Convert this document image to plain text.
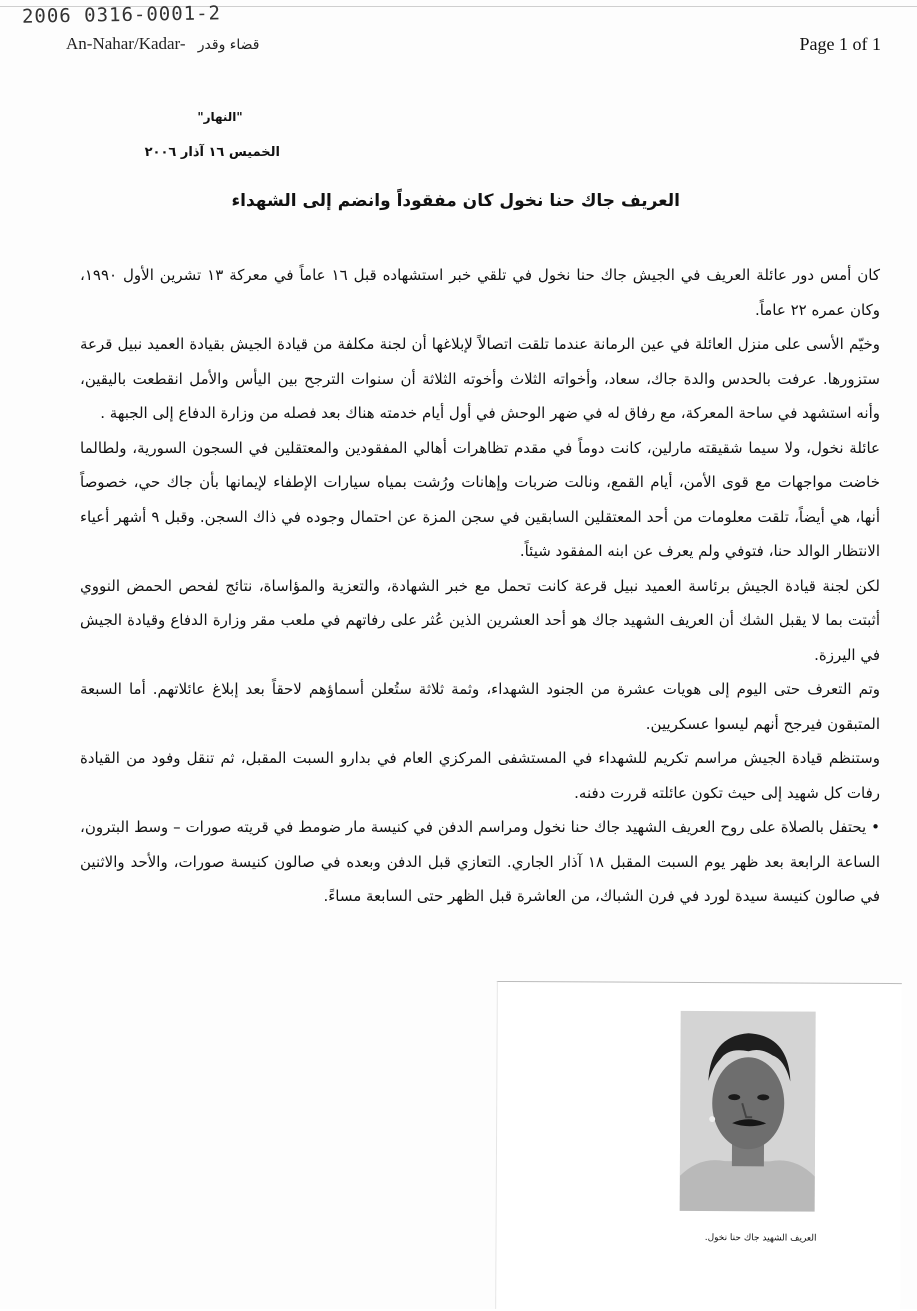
2006 0316-0001-2
An-Nahar/Kadar- قضاء وقدر	Page 1 of 1
"النهار"
الخميس ١٦ آذار ٢٠٠٦
العريف جاك حنا نخول كان مفقوداً وانضم إلى الشهداء

كان أمس دور عائلة العريف في الجيش جاك حنا نخول في تلقي خبر استشهاده قبل ١٦ عاماً في معركة ١٣ تشرين الأول ١٩٩٠، وكان عمره ٢٢ عاماً.

وخيّم الأسى على منزل العائلة في عين الرمانة عندما تلقت اتصالاً لإبلاغها أن لجنة مكلفة من قيادة الجيش بقيادة العميد نبيل قرعة ستزورها. عرفت بالحدس والدة جاك، سعاد، وأخواته الثلاث وأخوته الثلاثة أن سنوات الترجح بين اليأس والأمل انقطعت باليقين، وأنه استشهد في ساحة المعركة، مع رفاق له في ضهر الوحش في أول أيام خدمته هناك بعد فصله من وزارة الدفاع إلى الجبهة .

عائلة نخول، ولا سيما شقيقته مارلين، كانت دوماً في مقدم تظاهرات أهالي المفقودين والمعتقلين في السجون السورية، ولطالما خاضت مواجهات مع قوى الأمن، أيام القمع، ونالت ضربات وإهانات ورُشت بمياه سيارات الإطفاء لإيمانها بأن جاك حي، خصوصاً أنها، هي أيضاً، تلقت معلومات من أحد المعتقلين السابقين في سجن المزة عن احتمال وجوده في ذاك السجن. وقبل ٩ أشهر أعياء الانتظار الوالد حنا، فتوفي ولم يعرف عن ابنه المفقود شيئاً.

لكن لجنة قيادة الجيش برئاسة العميد نبيل قرعة كانت تحمل مع خبر الشهادة، والتعزية والمؤاساة، نتائج لفحص الحمض النووي أثبتت بما لا يقبل الشك أن العريف الشهيد جاك هو أحد العشرين الذين عُثر على رفاتهم في ملعب مقر وزارة الدفاع وقيادة الجيش في اليرزة.

وتم التعرف حتى اليوم إلى هويات عشرة من الجنود الشهداء، وثمة ثلاثة ستُعلن أسماؤهم لاحقاً بعد إبلاغ عائلاتهم. أما السبعة المتبقون فيرجح أنهم ليسوا عسكريين.

وستنظم قيادة الجيش مراسم تكريم للشهداء في المستشفى المركزي العام في بدارو السبت المقبل، ثم تنقل وفود من القيادة رفات كل شهيد إلى حيث تكون عائلته قررت دفنه.

• يحتفل بالصلاة على روح العريف الشهيد جاك حنا نخول ومراسم الدفن في كنيسة مار ضومط في قريته صورات – وسط البترون، الساعة الرابعة بعد ظهر يوم السبت المقبل ١٨ آذار الجاري. التعازي قبل الدفن وبعده في صالون كنيسة صورات، والأحد والاثنين في صالون كنيسة سيدة لورد في فرن الشباك، من العاشرة قبل الظهر حتى السابعة مساءً.

العريف الشهيد جاك حنا نخول.
